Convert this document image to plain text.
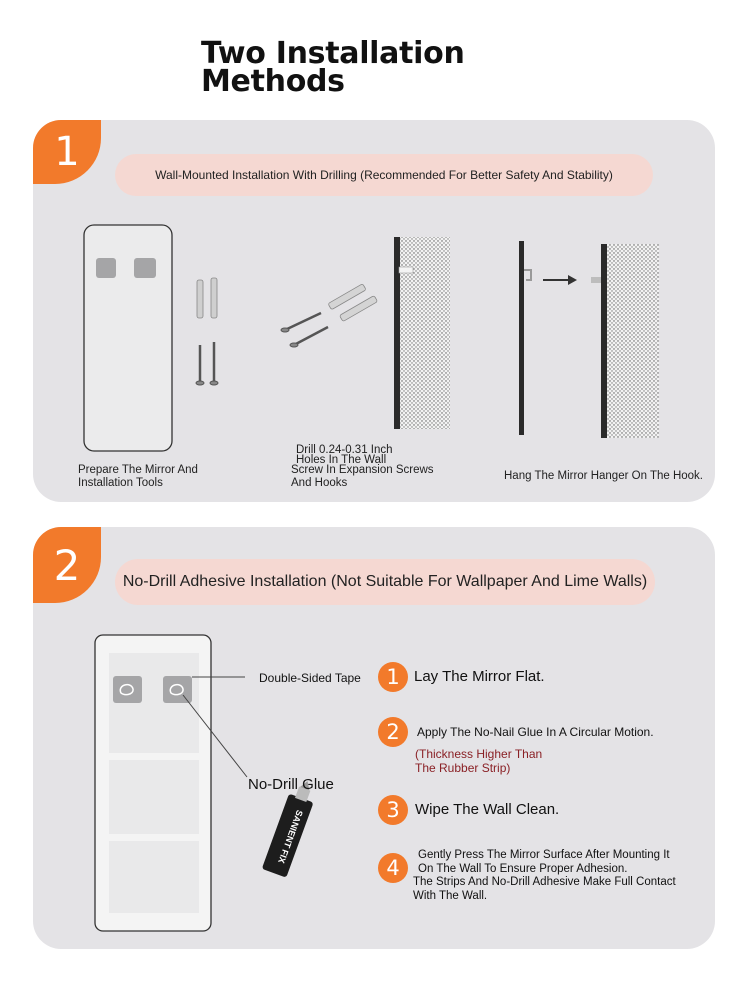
Two Installation
Methods
1	Wall-Mounted Installation With Drilling (Recommended For Better Safety And Stability)
Prepare The Mirror And
Installation Tools
Drill 0.24-0.31 Inch
Holes In The Wall
Screw In Expansion Screws
And Hooks
Hang The Mirror Hanger On The Hook.
2	No-Drill Adhesive Installation (Not Suitable For Wallpaper And Lime Walls)
SANIENT FIX
Double-Sided Tape
No-Drill Glue
1 Lay The Mirror Flat.
2	Apply The No-Nail Glue In A Circular Motion.
(Thickness Higher Than
The Rubber Strip)
3	Wipe The Wall Clean.
4
Gently Press The Mirror Surface After Mounting It
On The Wall To Ensure Proper Adhesion.
The Strips And No-Drill Adhesive Make Full Contact
With The Wall.
